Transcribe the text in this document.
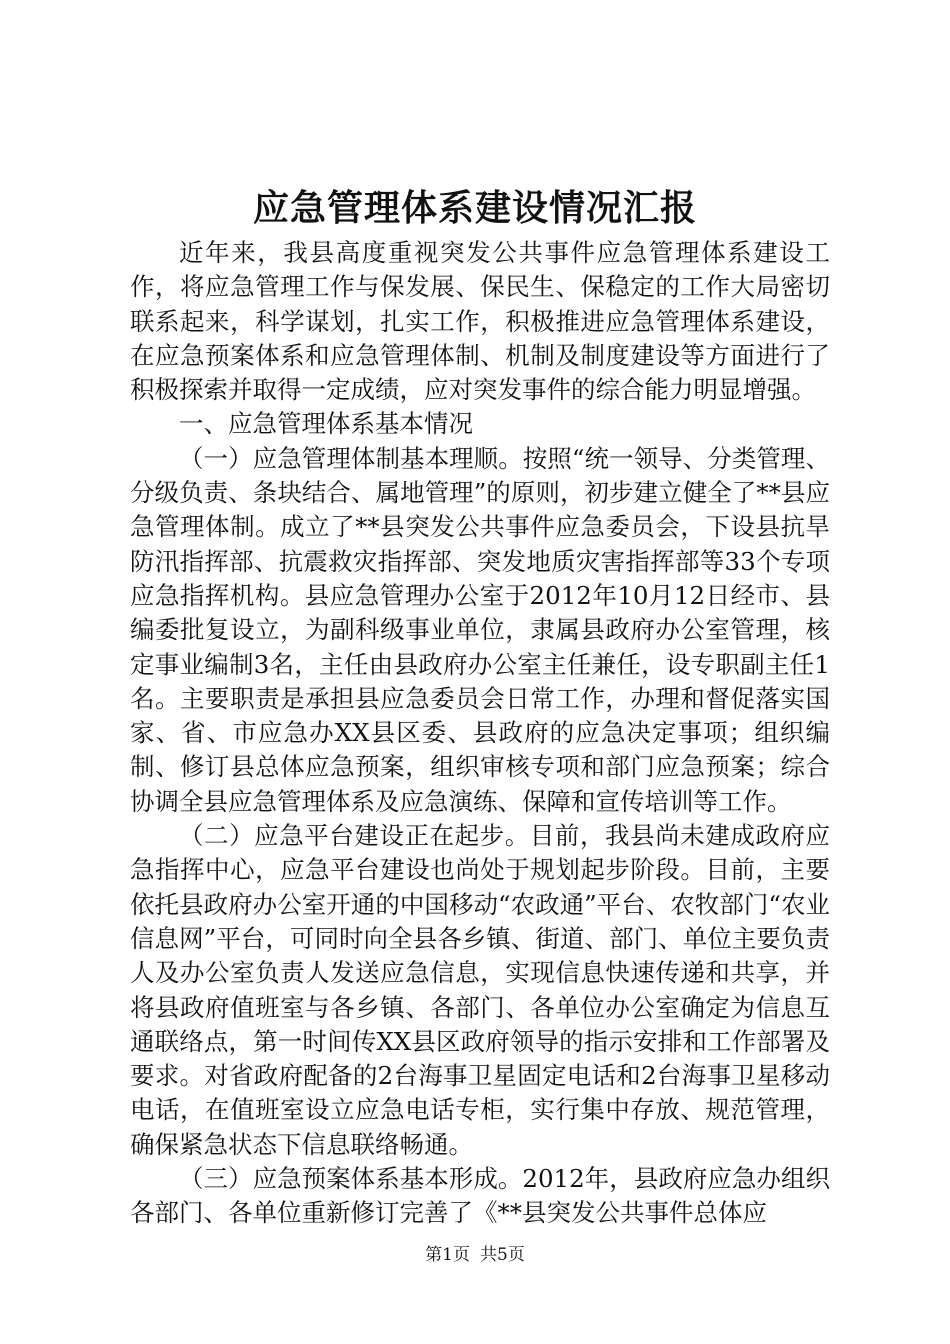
应急管理体系建设情况汇报

近年来，我县高度重视突发公共事件应急管理体系建设工作，将应急管理工作与保发展、保民生、保稳定的工作大局密切联系起来，科学谋划，扎实工作，积极推进应急管理体系建设，在应急预案体系和应急管理体制、机制及制度建设等方面进行了积极探索并取得一定成绩，应对突发事件的综合能力明显增强。

一、应急管理体系基本情况

（一）应急管理体制基本理顺。按照“统一领导、分类管理、分级负责、条块结合、属地管理”的原则，初步建立健全了**县应急管理体制。成立了**县突发公共事件应急委员会，下设县抗旱防汛指挥部、抗震救灾指挥部、突发地质灾害指挥部等33个专项应急指挥机构。县应急管理办公室于2012年10月12日经市、县编委批复设立，为副科级事业单位，隶属县政府办公室管理，核定事业编制3名，主任由县政府办公室主任兼任，设专职副主任1名。主要职责是承担县应急委员会日常工作，办理和督促落实国家、省、市应急办XX县区委、县政府的应急决定事项；组织编制、修订县总体应急预案，组织审核专项和部门应急预案；综合协调全县应急管理体系及应急演练、保障和宣传培训等工作。

（二）应急平台建设正在起步。目前，我县尚未建成政府应急指挥中心，应急平台建设也尚处于规划起步阶段。目前，主要依托县政府办公室开通的中国移动“农政通”平台、农牧部门“农业信息网”平台，可同时向全县各乡镇、街道、部门、单位主要负责人及办公室负责人发送应急信息，实现信息快速传递和共享，并将县政府值班室与各乡镇、各部门、各单位办公室确定为信息互通联络点，第一时间传XX县区政府领导的指示安排和工作部署及要求。对省政府配备的2台海事卫星固定电话和2台海事卫星移动电话，在值班室设立应急电话专柜，实行集中存放、规范管理，确保紧急状态下信息联络畅通。

（三）应急预案体系基本形成。2012年，县政府应急办组织各部门、各单位重新修订完善了《**县突发公共事件总体应

第1页 共5页
